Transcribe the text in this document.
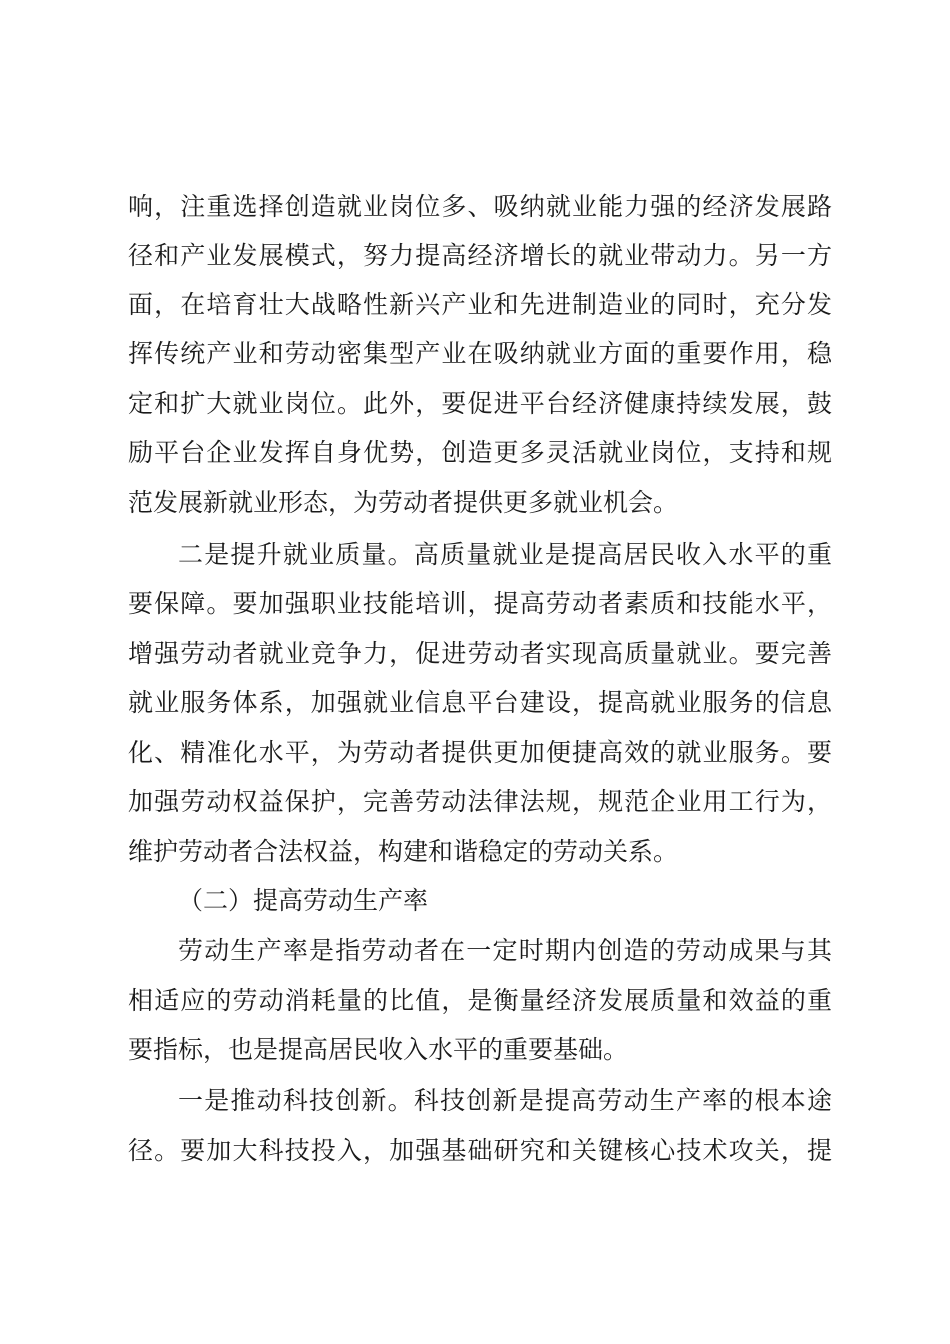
响，注重选择创造就业岗位多、吸纳就业能力强的经济发展路
径和产业发展模式，努力提高经济增长的就业带动力。另一方
面，在培育壮大战略性新兴产业和先进制造业的同时，充分发
挥传统产业和劳动密集型产业在吸纳就业方面的重要作用，稳
定和扩大就业岗位。此外，要促进平台经济健康持续发展，鼓
励平台企业发挥自身优势，创造更多灵活就业岗位，支持和规
范发展新就业形态，为劳动者提供更多就业机会。
二是提升就业质量。高质量就业是提高居民收入水平的重
要保障。要加强职业技能培训，提高劳动者素质和技能水平，
增强劳动者就业竞争力，促进劳动者实现高质量就业。要完善
就业服务体系，加强就业信息平台建设，提高就业服务的信息
化、精准化水平，为劳动者提供更加便捷高效的就业服务。要
加强劳动权益保护，完善劳动法律法规，规范企业用工行为，
维护劳动者合法权益，构建和谐稳定的劳动关系。
（二）提高劳动生产率
劳动生产率是指劳动者在一定时期内创造的劳动成果与其
相适应的劳动消耗量的比值，是衡量经济发展质量和效益的重
要指标，也是提高居民收入水平的重要基础。
一是推动科技创新。科技创新是提高劳动生产率的根本途
径。要加大科技投入，加强基础研究和关键核心技术攻关，提
